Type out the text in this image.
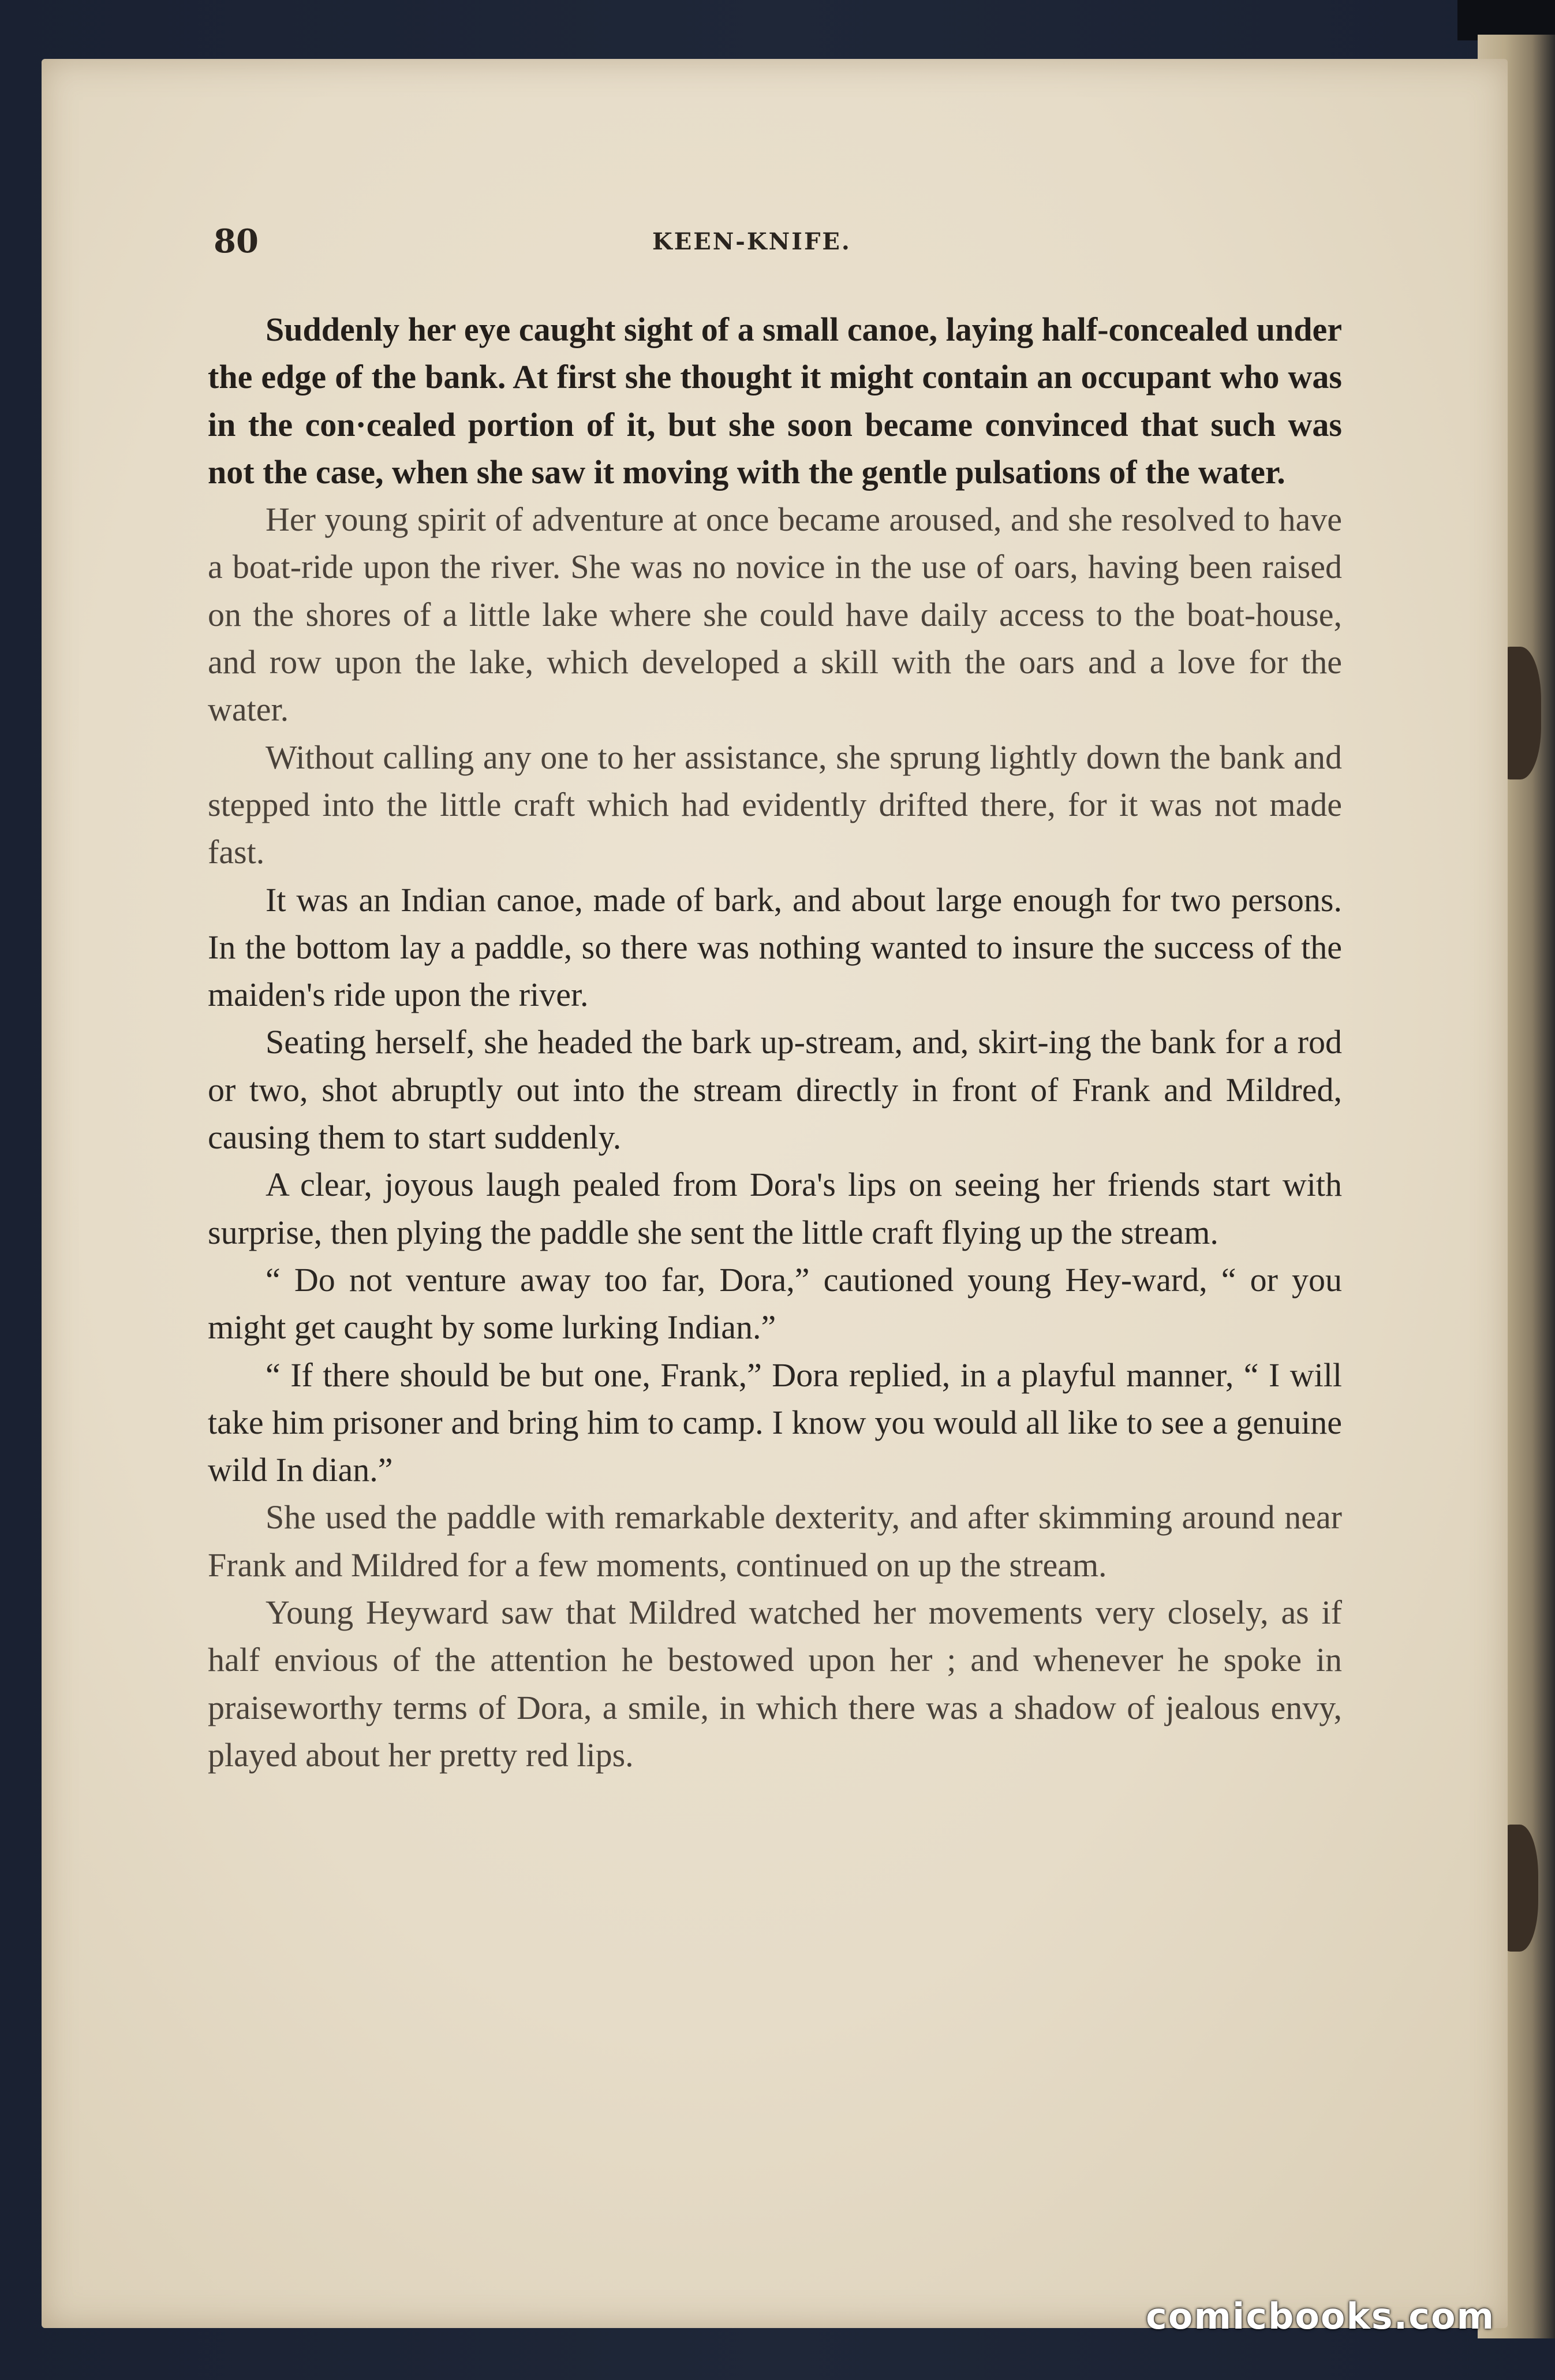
80	KEEN-KNIFE.

Suddenly her eye caught sight of a small canoe, laying half-concealed under the edge of the bank. At first she thought it might contain an occupant who was in the con·cealed portion of it, but she soon became convinced that such was not the case, when she saw it moving with the gentle pulsations of the water.

Her young spirit of adventure at once became aroused, and she resolved to have a boat-ride upon the river. She was no novice in the use of oars, having been raised on the shores of a little lake where she could have daily access to the boat-house, and row upon the lake, which developed a skill with the oars and a love for the water.

Without calling any one to her assistance, she sprung lightly down the bank and stepped into the little craft which had evidently drifted there, for it was not made fast.

It was an Indian canoe, made of bark, and about large enough for two persons. In the bottom lay a paddle, so there was nothing wanted to insure the success of the maiden's ride upon the river.

Seating herself, she headed the bark up-stream, and, skirt-ing the bank for a rod or two, shot abruptly out into the stream directly in front of Frank and Mildred, causing them to start suddenly.

A clear, joyous laugh pealed from Dora's lips on seeing her friends start with surprise, then plying the paddle she sent the little craft flying up the stream.

“ Do not venture away too far, Dora,” cautioned young Hey-ward, “ or you might get caught by some lurking Indian.”

“ If there should be but one, Frank,” Dora replied, in a playful manner, “ I will take him prisoner and bring him to camp. I know you would all like to see a genuine wild In dian.”

She used the paddle with remarkable dexterity, and after skimming around near Frank and Mildred for a few moments, continued on up the stream.

Young Heyward saw that Mildred watched her movements very closely, as if half envious of the attention he bestowed upon her ; and whenever he spoke in praiseworthy terms of Dora, a smile, in which there was a shadow of jealous envy, played about her pretty red lips.

comicbooks.com
